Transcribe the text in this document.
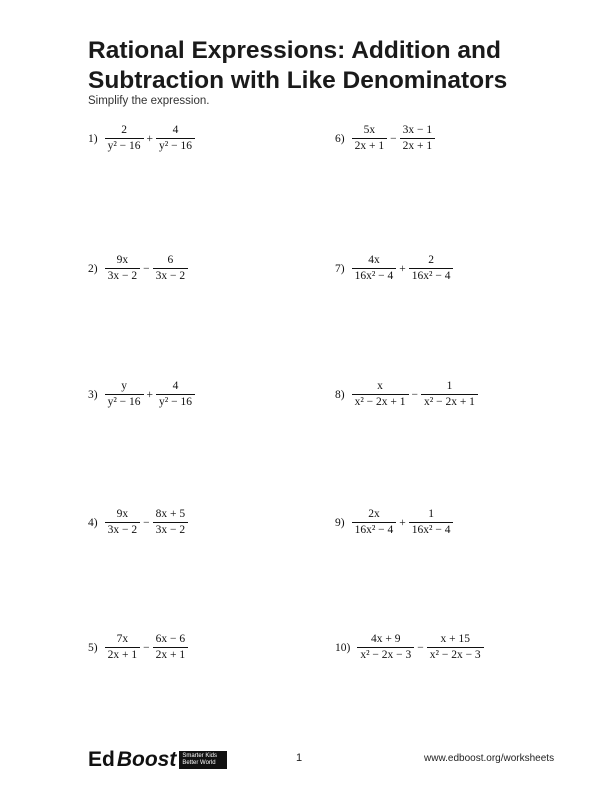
Rational Expressions: Addition and Subtraction with Like Denominators
Simplify the expression.
$1) \frac{2}{\text{y² − 16}} + \frac{4}{\text{y² − 16}}$
$2) \frac{9x}{3x - 2} - \frac{6}{3x - 2}$
$3) \frac{y}{\text{y² − 16}} + \frac{4}{\text{y² − 16}}$
$4) \frac{9x}{3x - 2} - \frac{8x + 5}{3x - 2}$
$5) \frac{7x}{2x + 1} - \frac{6x - 6}{2x + 1}$
$6) \frac{5x}{2x + 1} - \frac{3x - 1}{2x + 1}$
$7) \frac{4x}{\text{16x² − 4}} + \frac{2}{\text{16x² − 4}}$
$8) \frac{x}{\text{x² − 2x + 1}} - \frac{1}{\text{x² − 2x + 1}}$
$9) \frac{2x}{\text{16x² − 4}} + \frac{1}{\text{16x² − 4}}$
$10) \frac{4x + 9}{\text{x² − 2x − 3}} - \frac{x + 15}{\text{x² − 2x − 3}}$
Ed Boost	Smarter Kids Better World	1	www.edboost.org/worksheets
